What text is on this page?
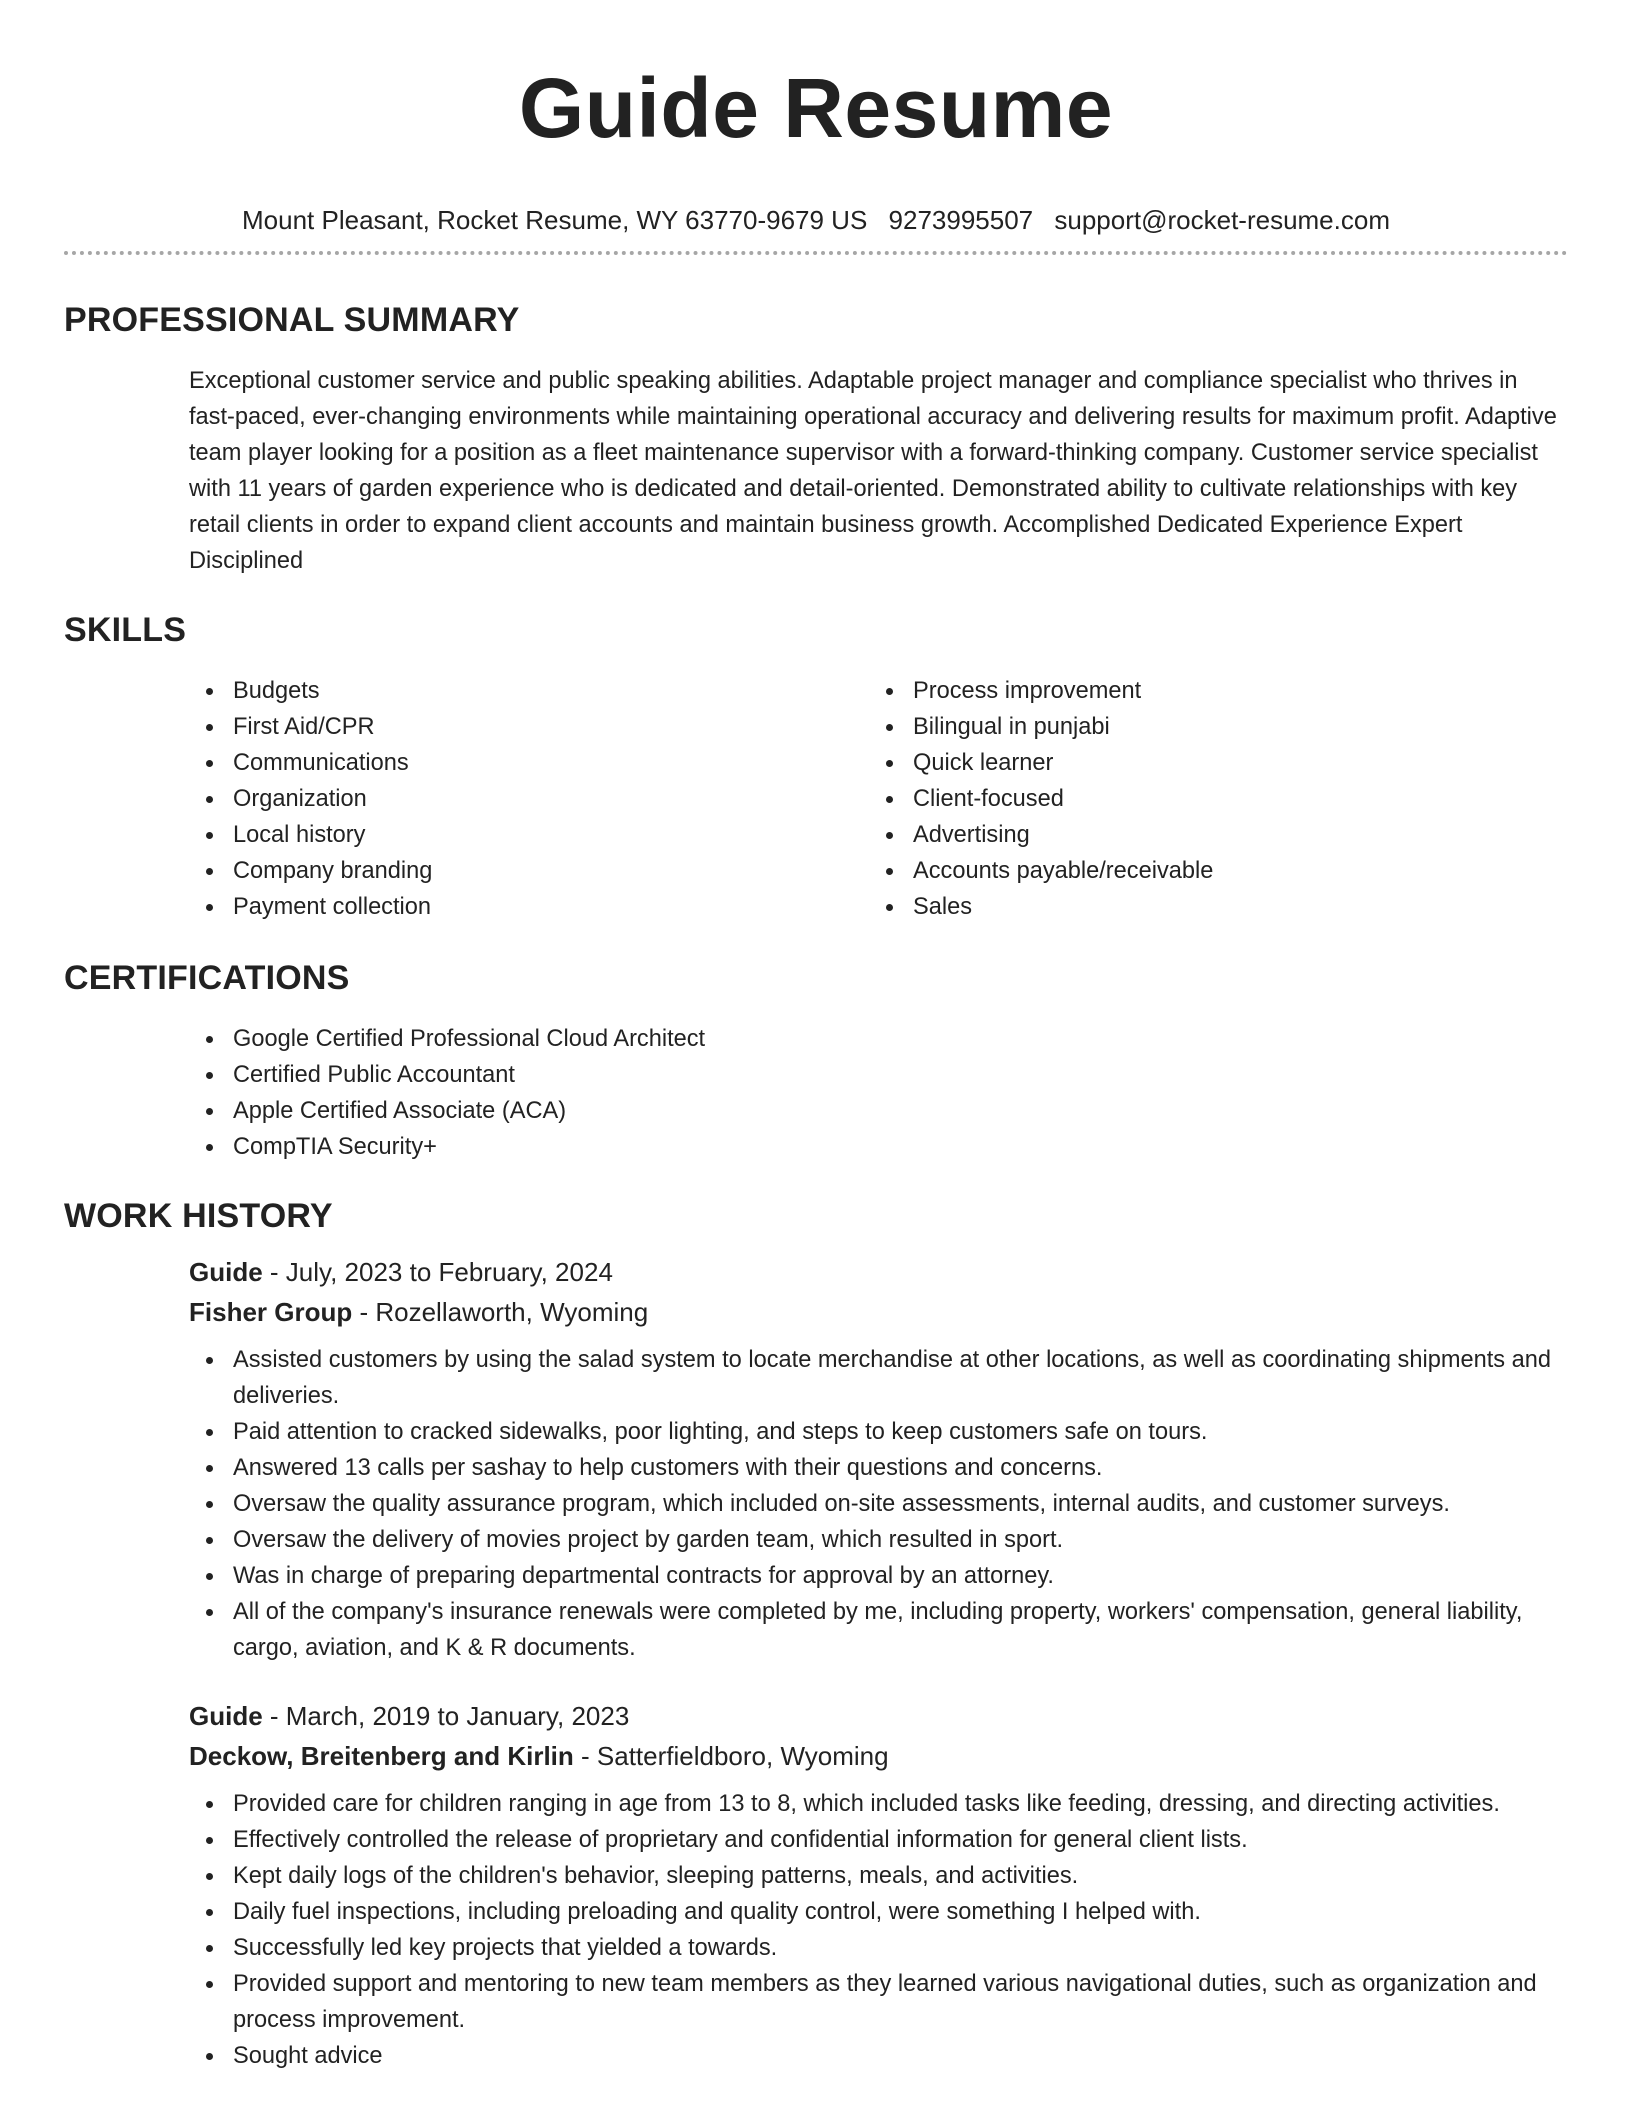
Guide Resume
Mount Pleasant, Rocket Resume, WY 63770-9679 US 9273995507 support@rocket-resume.com
PROFESSIONAL SUMMARY

Exceptional customer service and public speaking abilities. Adaptable project manager and compliance specialist who thrives in fast-paced, ever-changing environments while maintaining operational accuracy and delivering results for maximum profit. Adaptive team player looking for a position as a fleet maintenance supervisor with a forward-thinking company. Customer service specialist with 11 years of garden experience who is dedicated and detail-oriented. Demonstrated ability to cultivate relationships with key retail clients in order to expand client accounts and maintain business growth. Accomplished Dedicated Experience Expert Disciplined

SKILLS
Budgets
First Aid/CPR
Communications
Organization
Local history
Company branding
Payment collection
Process improvement
Bilingual in punjabi
Quick learner
Client-focused
Advertising
Accounts payable/receivable
Sales
CERTIFICATIONS
Google Certified Professional Cloud Architect
Certified Public Accountant
Apple Certified Associate (ACA)
CompTIA Security+
WORK HISTORY
Guide - July, 2023 to February, 2024
Fisher Group - Rozellaworth, Wyoming
Assisted customers by using the salad system to locate merchandise at other locations, as well as coordinating shipments and deliveries.
Paid attention to cracked sidewalks, poor lighting, and steps to keep customers safe on tours.
Answered 13 calls per sashay to help customers with their questions and concerns.
Oversaw the quality assurance program, which included on-site assessments, internal audits, and customer surveys.
Oversaw the delivery of movies project by garden team, which resulted in sport.
Was in charge of preparing departmental contracts for approval by an attorney.
All of the company's insurance renewals were completed by me, including property, workers' compensation, general liability, cargo, aviation, and K & R documents.
Guide - March, 2019 to January, 2023
Deckow, Breitenberg and Kirlin - Satterfieldboro, Wyoming
Provided care for children ranging in age from 13 to 8, which included tasks like feeding, dressing, and directing activities.
Effectively controlled the release of proprietary and confidential information for general client lists.
Kept daily logs of the children's behavior, sleeping patterns, meals, and activities.
Daily fuel inspections, including preloading and quality control, were something I helped with.
Successfully led key projects that yielded a towards.
Provided support and mentoring to new team members as they learned various navigational duties, such as organization and process improvement.
Sought advice
